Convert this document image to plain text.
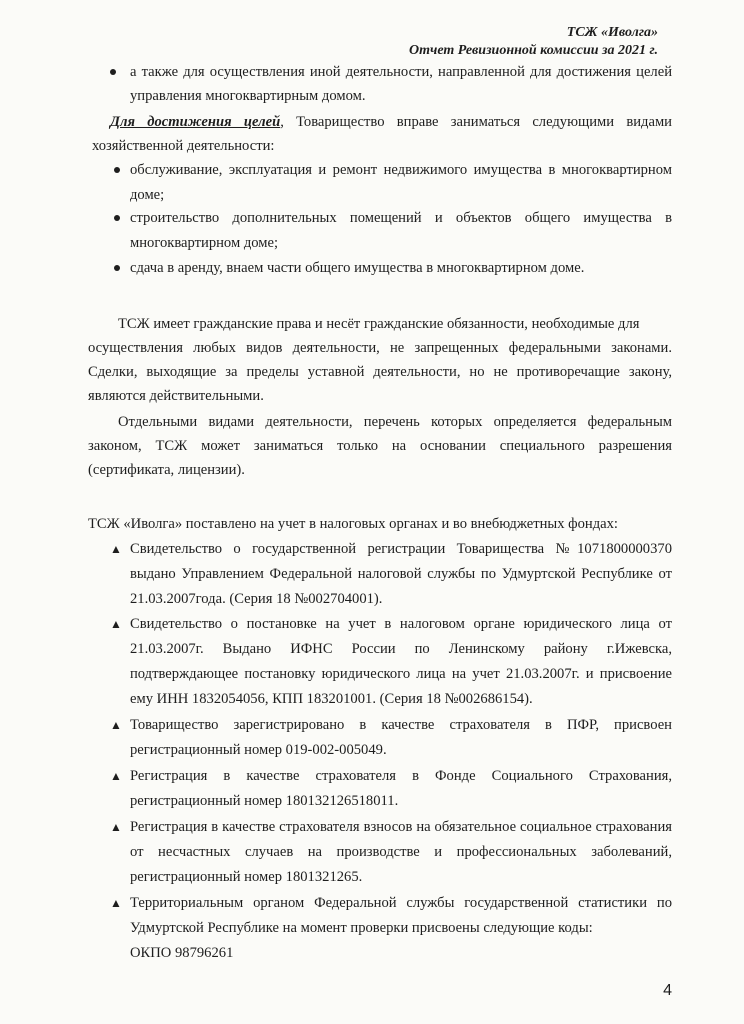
ТСЖ «Иволга»
Отчет Ревизионной комиссии за 2021 г.
а также для осуществления иной деятельности, направленной для достижения целей
управления многоквартирным домом.
Для достижения целей, Товарищество вправе заниматься следующими видами
хозяйственной деятельности:
обслуживание, эксплуатация и ремонт недвижимого имущества в многоквартирном
доме;
строительство дополнительных помещений и объектов общего имущества в
многоквартирном доме;
сдача в аренду, внаем части общего имущества в многоквартирном доме.
ТСЖ имеет гражданские права и несёт гражданские обязанности, необходимые для
осуществления любых видов деятельности, не запрещенных федеральными законами.
Сделки, выходящие за пределы уставной деятельности, но не противоречащие закону,
являются действительными.
Отдельными видами деятельности, перечень которых определяется федеральным
законом, ТСЖ может заниматься только на основании специального разрешения
(сертификата, лицензии).
ТСЖ «Иволга» поставлено на учет в налоговых органах и во внебюджетных фондах:
▲ Свидетельство о государственной регистрации Товарищества №1071800000370
выдано Управлением Федеральной налоговой службы по Удмуртской Республике от
21.03.2007года. (Серия 18 №002704001).
▲ Свидетельство о постановке на учет в налоговом органе юридического лица от
21.03.2007г. Выдано ИФНС России по Ленинскому району г.Ижевска,
подтверждающее постановку юридического лица на учет 21.03.2007г. и присвоение
ему ИНН 1832054056, КПП 183201001. (Серия 18 №002686154).
▲ Товарищество зарегистрировано в качестве страхователя в ПФР, присвоен
регистрационный номер 019-002-005049.
▲ Регистрация в качестве страхователя в Фонде Социального Страхования,
регистрационный номер 180132126518011.
▲ Регистрация в качестве страхователя взносов на обязательное социальное страхования
от несчастных случаев на производстве и профессиональных заболеваний,
регистрационный номер 1801321265.
▲ Территориальным органом Федеральной службы государственной статистики по
Удмуртской Республике на момент проверки присвоены следующие коды:
ОКПО 98796261
4
